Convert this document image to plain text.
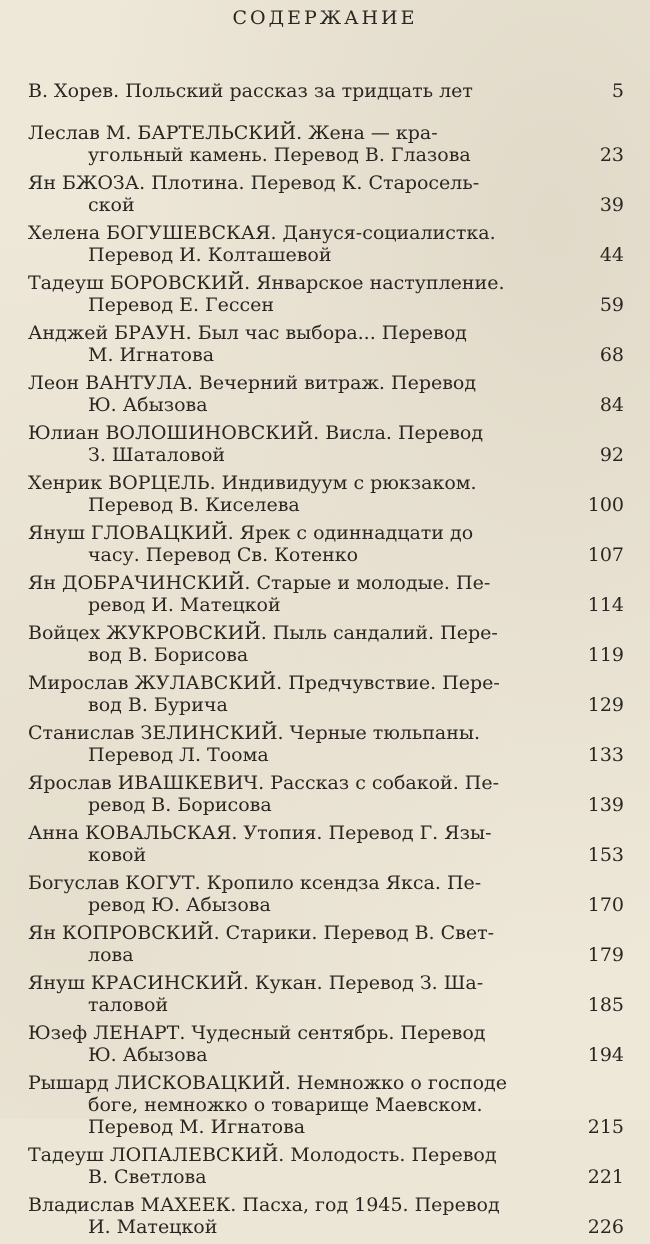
СОДЕРЖАНИЕ
В. Хорев. Польский рассказ за тридцать лет	5
Леслав М. БАРТЕЛЬСКИЙ. Жена — кра-
угольный камень. Перевод В. Глазова	23
Ян БЖОЗА. Плотина. Перевод К. Старосель-
ской	39
Хелена БОГУШЕВСКАЯ. Дануся-социалистка.
Перевод И. Колташевой	44
Тадеуш БОРОВСКИЙ. Январское наступление.
Перевод Е. Гессен	59
Анджей БРАУН. Был час выбора... Перевод
М. Игнатова	68
Леон ВАНТУЛА. Вечерний витраж. Перевод
Ю. Абызова	84
Юлиан ВОЛОШИНОВСКИЙ. Висла. Перевод
З. Шаталовой	92
Хенрик ВОРЦЕЛЬ. Индивидуум с рюкзаком.
Перевод В. Киселева	100
Януш ГЛОВАЦКИЙ. Ярек с одиннадцати до
часу. Перевод Св. Котенко	107
Ян ДОБРАЧИНСКИЙ. Старые и молодые. Пе-
ревод И. Матецкой	114
Войцех ЖУКРОВСКИЙ. Пыль сандалий. Пере-
вод В. Борисова	119
Мирослав ЖУЛАВСКИЙ. Предчувствие. Пере-
вод В. Бурича	129
Станислав ЗЕЛИНСКИЙ. Черные тюльпаны.
Перевод Л. Тоома	133
Ярослав ИВАШКЕВИЧ. Рассказ с собакой. Пе-
ревод В. Борисова	139
Анна КОВАЛЬСКАЯ. Утопия. Перевод Г. Язы-
ковой	153
Богуслав КОГУТ. Кропило ксендза Якса. Пе-
ревод Ю. Абызова	170
Ян КОПРОВСКИЙ. Старики. Перевод В. Свет-
лова	179
Януш КРАСИНСКИЙ. Кукан. Перевод З. Ша-
таловой	185
Юзеф ЛЕНАРТ. Чудесный сентябрь. Перевод
Ю. Абызова	194
Рышард ЛИСКОВАЦКИЙ. Немножко о господе
боге, немножко о товарище Маевском.
Перевод М. Игнатова	215
Тадеуш ЛОПАЛЕВСКИЙ. Молодость. Перевод
В. Светлова	221
Владислав МАХЕЕК. Пасха, год 1945. Перевод
И. Матецкой	226
